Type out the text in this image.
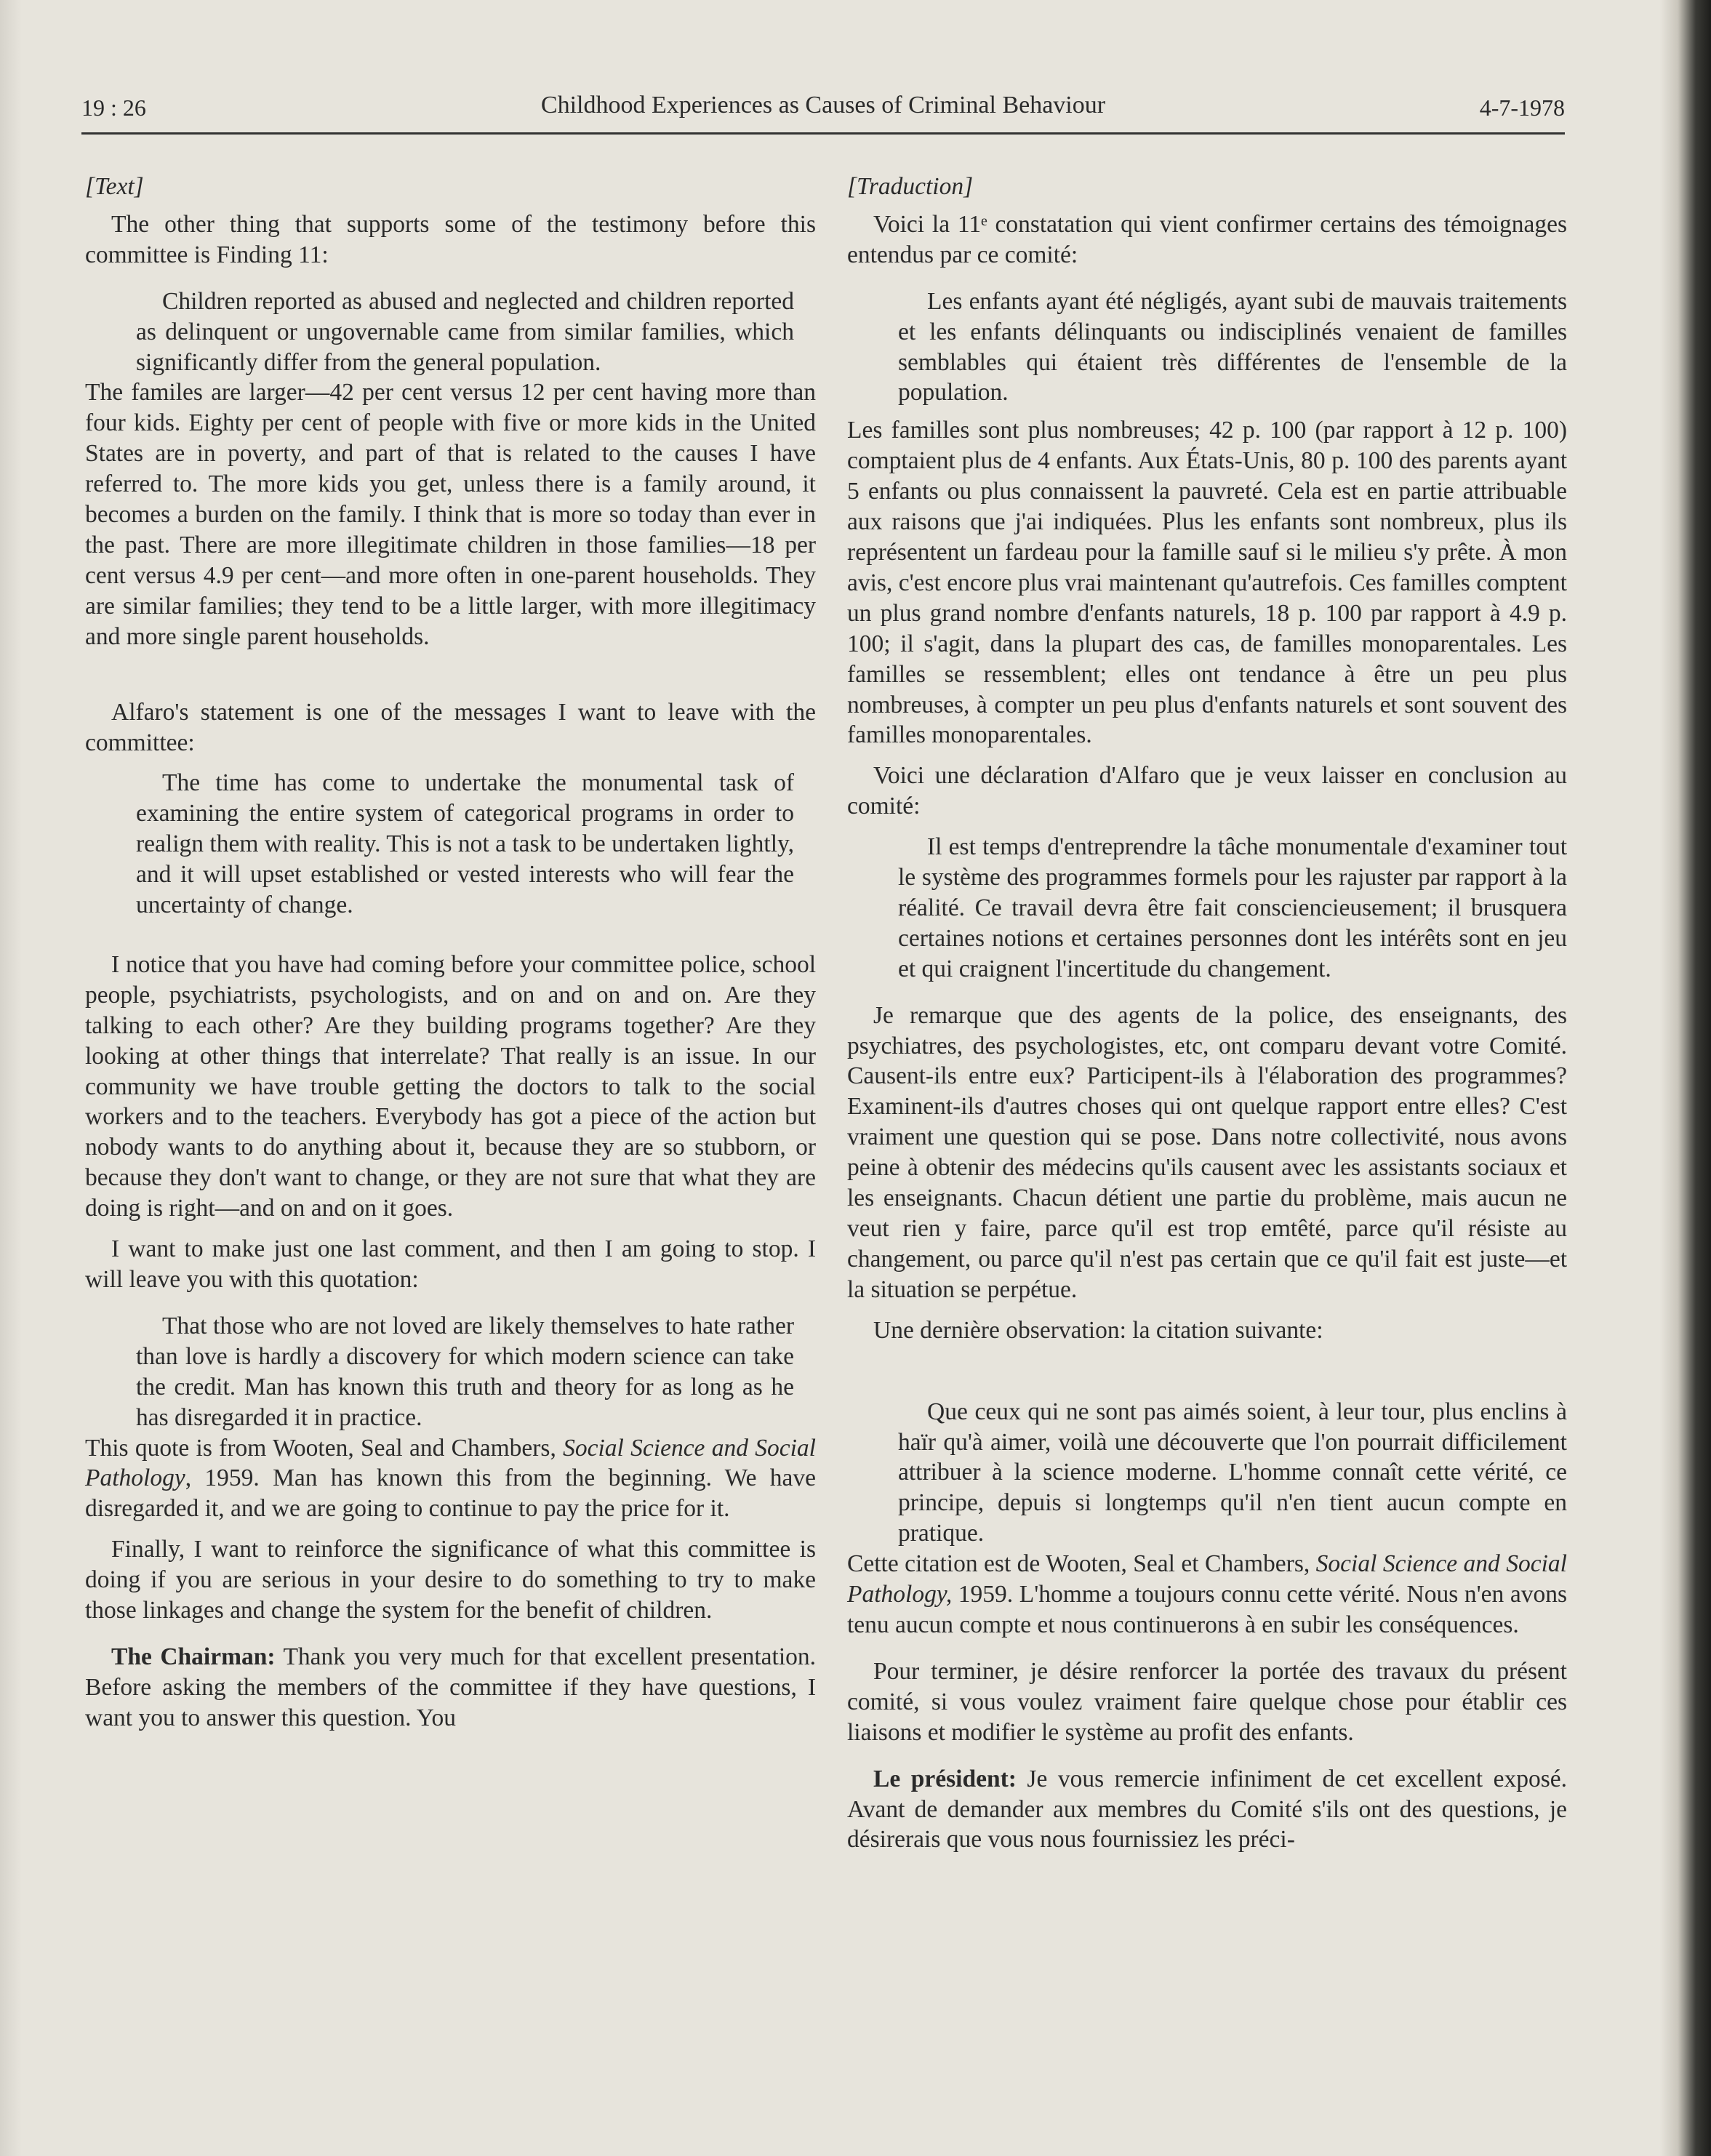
19 : 26	Childhood Experiences as Causes of Criminal Behaviour	4-7-1978

[Text]

The other thing that supports some of the testimony before this committee is Finding 11:

Children reported as abused and neglected and children reported as delinquent or ungovernable came from similar families, which significantly differ from the general population.

The familes are larger—42 per cent versus 12 per cent having more than four kids. Eighty per cent of people with five or more kids in the United States are in poverty, and part of that is related to the causes I have referred to. The more kids you get, unless there is a family around, it becomes a burden on the family. I think that is more so today than ever in the past. There are more illegitimate children in those families—18 per cent versus 4.9 per cent—and more often in one-parent households. They are similar families; they tend to be a little larger, with more illegitimacy and more single parent households.

Alfaro's statement is one of the messages I want to leave with the committee:

The time has come to undertake the monumental task of examining the entire system of categorical programs in order to realign them with reality. This is not a task to be undertaken lightly, and it will upset established or vested interests who will fear the uncertainty of change.

I notice that you have had coming before your committee police, school people, psychiatrists, psychologists, and on and on and on. Are they talking to each other? Are they building programs together? Are they looking at other things that interrelate? That really is an issue. In our community we have trouble getting the doctors to talk to the social workers and to the teachers. Everybody has got a piece of the action but nobody wants to do anything about it, because they are so stubborn, or because they don't want to change, or they are not sure that what they are doing is right—and on and on it goes.

I want to make just one last comment, and then I am going to stop. I will leave you with this quotation:

That those who are not loved are likely themselves to hate rather than love is hardly a discovery for which modern science can take the credit. Man has known this truth and theory for as long as he has disregarded it in practice.

This quote is from Wooten, Seal and Chambers, Social Science and Social Pathology, 1959. Man has known this from the beginning. We have disregarded it, and we are going to continue to pay the price for it.

Finally, I want to reinforce the significance of what this committee is doing if you are serious in your desire to do something to try to make those linkages and change the system for the benefit of children.

The Chairman: Thank you very much for that excellent presentation. Before asking the members of the committee if they have questions, I want you to answer this question. You

[Traduction]

Voici la 11ᵉ constatation qui vient confirmer certains des témoignages entendus par ce comité:

Les enfants ayant été négligés, ayant subi de mauvais traitements et les enfants délinquants ou indisciplinés venaient de familles semblables qui étaient très différentes de l'ensemble de la population.

Les familles sont plus nombreuses; 42 p. 100 (par rapport à 12 p. 100) comptaient plus de 4 enfants. Aux États-Unis, 80 p. 100 des parents ayant 5 enfants ou plus connaissent la pauvreté. Cela est en partie attribuable aux raisons que j'ai indiquées. Plus les enfants sont nombreux, plus ils représentent un fardeau pour la famille sauf si le milieu s'y prête. À mon avis, c'est encore plus vrai maintenant qu'autrefois. Ces familles comptent un plus grand nombre d'enfants naturels, 18 p. 100 par rapport à 4.9 p. 100; il s'agit, dans la plupart des cas, de familles monoparentales. Les familles se ressemblent; elles ont tendance à être un peu plus nombreuses, à compter un peu plus d'enfants naturels et sont souvent des familles monoparentales.

Voici une déclaration d'Alfaro que je veux laisser en conclusion au comité:

Il est temps d'entreprendre la tâche monumentale d'examiner tout le système des programmes formels pour les rajuster par rapport à la réalité. Ce travail devra être fait consciencieusement; il brusquera certaines notions et certaines personnes dont les intérêts sont en jeu et qui craignent l'incertitude du changement.

Je remarque que des agents de la police, des enseignants, des psychiatres, des psychologistes, etc, ont comparu devant votre Comité. Causent-ils entre eux? Participent-ils à l'élaboration des programmes? Examinent-ils d'autres choses qui ont quelque rapport entre elles? C'est vraiment une question qui se pose. Dans notre collectivité, nous avons peine à obtenir des médecins qu'ils causent avec les assistants sociaux et les enseignants. Chacun détient une partie du problème, mais aucun ne veut rien y faire, parce qu'il est trop emtêté, parce qu'il résiste au changement, ou parce qu'il n'est pas certain que ce qu'il fait est juste—et la situation se perpétue.

Une dernière observation: la citation suivante:

Que ceux qui ne sont pas aimés soient, à leur tour, plus enclins à haïr qu'à aimer, voilà une découverte que l'on pourrait difficilement attribuer à la science moderne. L'homme connaît cette vérité, ce principe, depuis si longtemps qu'il n'en tient aucun compte en pratique.

Cette citation est de Wooten, Seal et Chambers, Social Science and Social Pathology, 1959. L'homme a toujours connu cette vérité. Nous n'en avons tenu aucun compte et nous continuerons à en subir les conséquences.

Pour terminer, je désire renforcer la portée des travaux du présent comité, si vous voulez vraiment faire quelque chose pour établir ces liaisons et modifier le système au profit des enfants.

Le président: Je vous remercie infiniment de cet excellent exposé. Avant de demander aux membres du Comité s'ils ont des questions, je désirerais que vous nous fournissiez les préci-
